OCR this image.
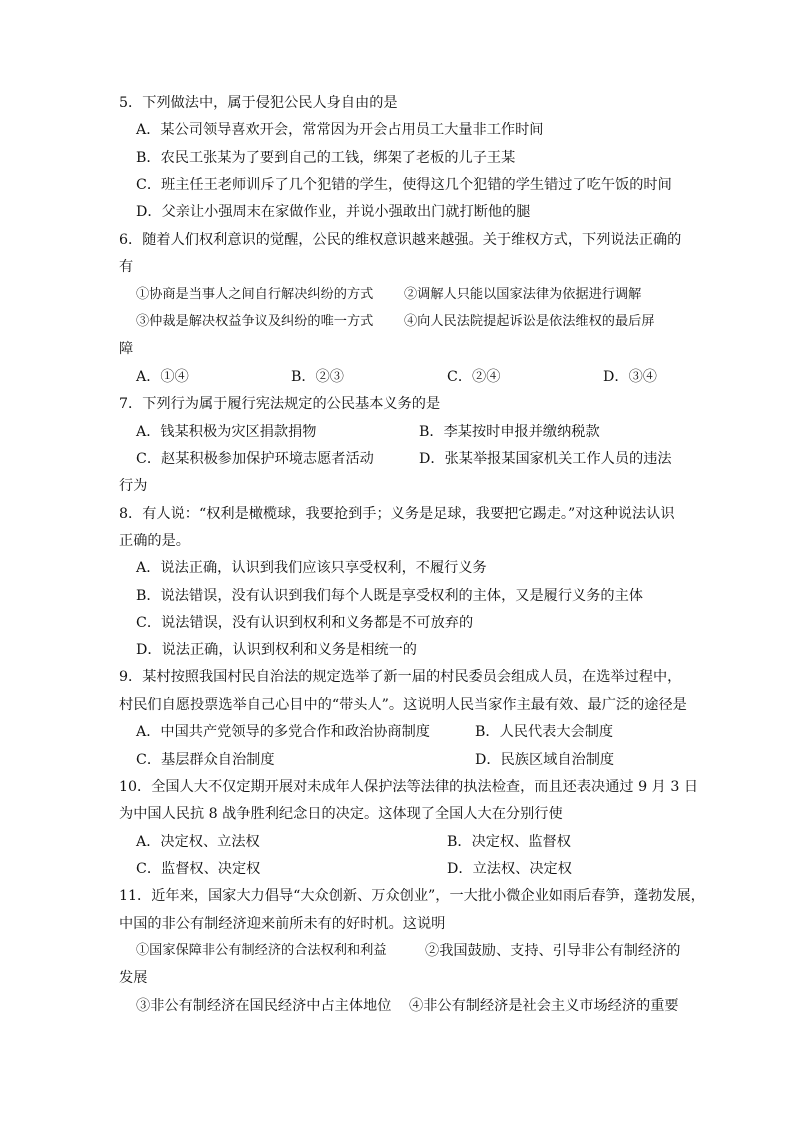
5．下列做法中，属于侵犯公民人身自由的是
A．某公司领导喜欢开会，常常因为开会占用员工大量非工作时间
B．农民工张某为了要到自己的工钱，绑架了老板的儿子王某
C．班主任王老师训斥了几个犯错的学生，使得这几个犯错的学生错过了吃午饭的时间
D．父亲让小强周末在家做作业，并说小强敢出门就打断他的腿
6．随着人们权利意识的觉醒，公民的维权意识越来越强。关于维权方式，下列说法正确的
有
①协商是当事人之间自行解决纠纷的方式 ②调解人只能以国家法律为依据进行调解
③仲裁是解决权益争议及纠纷的唯一方式 ④向人民法院提起诉讼是依法维权的最后屏
障
A．①④	B．②③	C．②④	D．③④
7．下列行为属于履行宪法规定的公民基本义务的是
A．钱某积极为灾区捐款捐物	B．李某按时申报并缴纳税款
C．赵某积极参加保护环境志愿者活动	D．张某举报某国家机关工作人员的违法
行为
8．有人说：“权利是橄榄球，我要抢到手；义务是足球，我要把它踢走。”对这种说法认识
正确的是。
A．说法正确，认识到我们应该只享受权利，不履行义务
B．说法错误，没有认识到我们每个人既是享受权利的主体，又是履行义务的主体
C．说法错误，没有认识到权利和义务都是不可放弃的
D．说法正确，认识到权利和义务是相统一的
9．某村按照我国村民自治法的规定选举了新一届的村民委员会组成人员，在选举过程中，
村民们自愿投票选举自己心目中的“带头人”。这说明人民当家作主最有效、最广泛的途径是
A．中国共产党领导的多党合作和政治协商制度	B．人民代表大会制度
C．基层群众自治制度	D．民族区域自治制度
10．全国人大不仅定期开展对未成年人保护法等法律的执法检查，而且还表决通过 9 月 3 日
为中国人民抗 8 战争胜利纪念日的决定。这体现了全国人大在分别行使
A．决定权、立法权	B．决定权、监督权
C．监督权、决定权	D．立法权、决定权
11．近年来，国家大力倡导“大众创新、万众创业”，一大批小微企业如雨后春笋，蓬勃发展，
中国的非公有制经济迎来前所未有的好时机。这说明
①国家保障非公有制经济的合法权利和利益	②我国鼓励、支持、引导非公有制经济的
发展
③非公有制经济在国民经济中占主体地位 ④非公有制经济是社会主义市场经济的重要
